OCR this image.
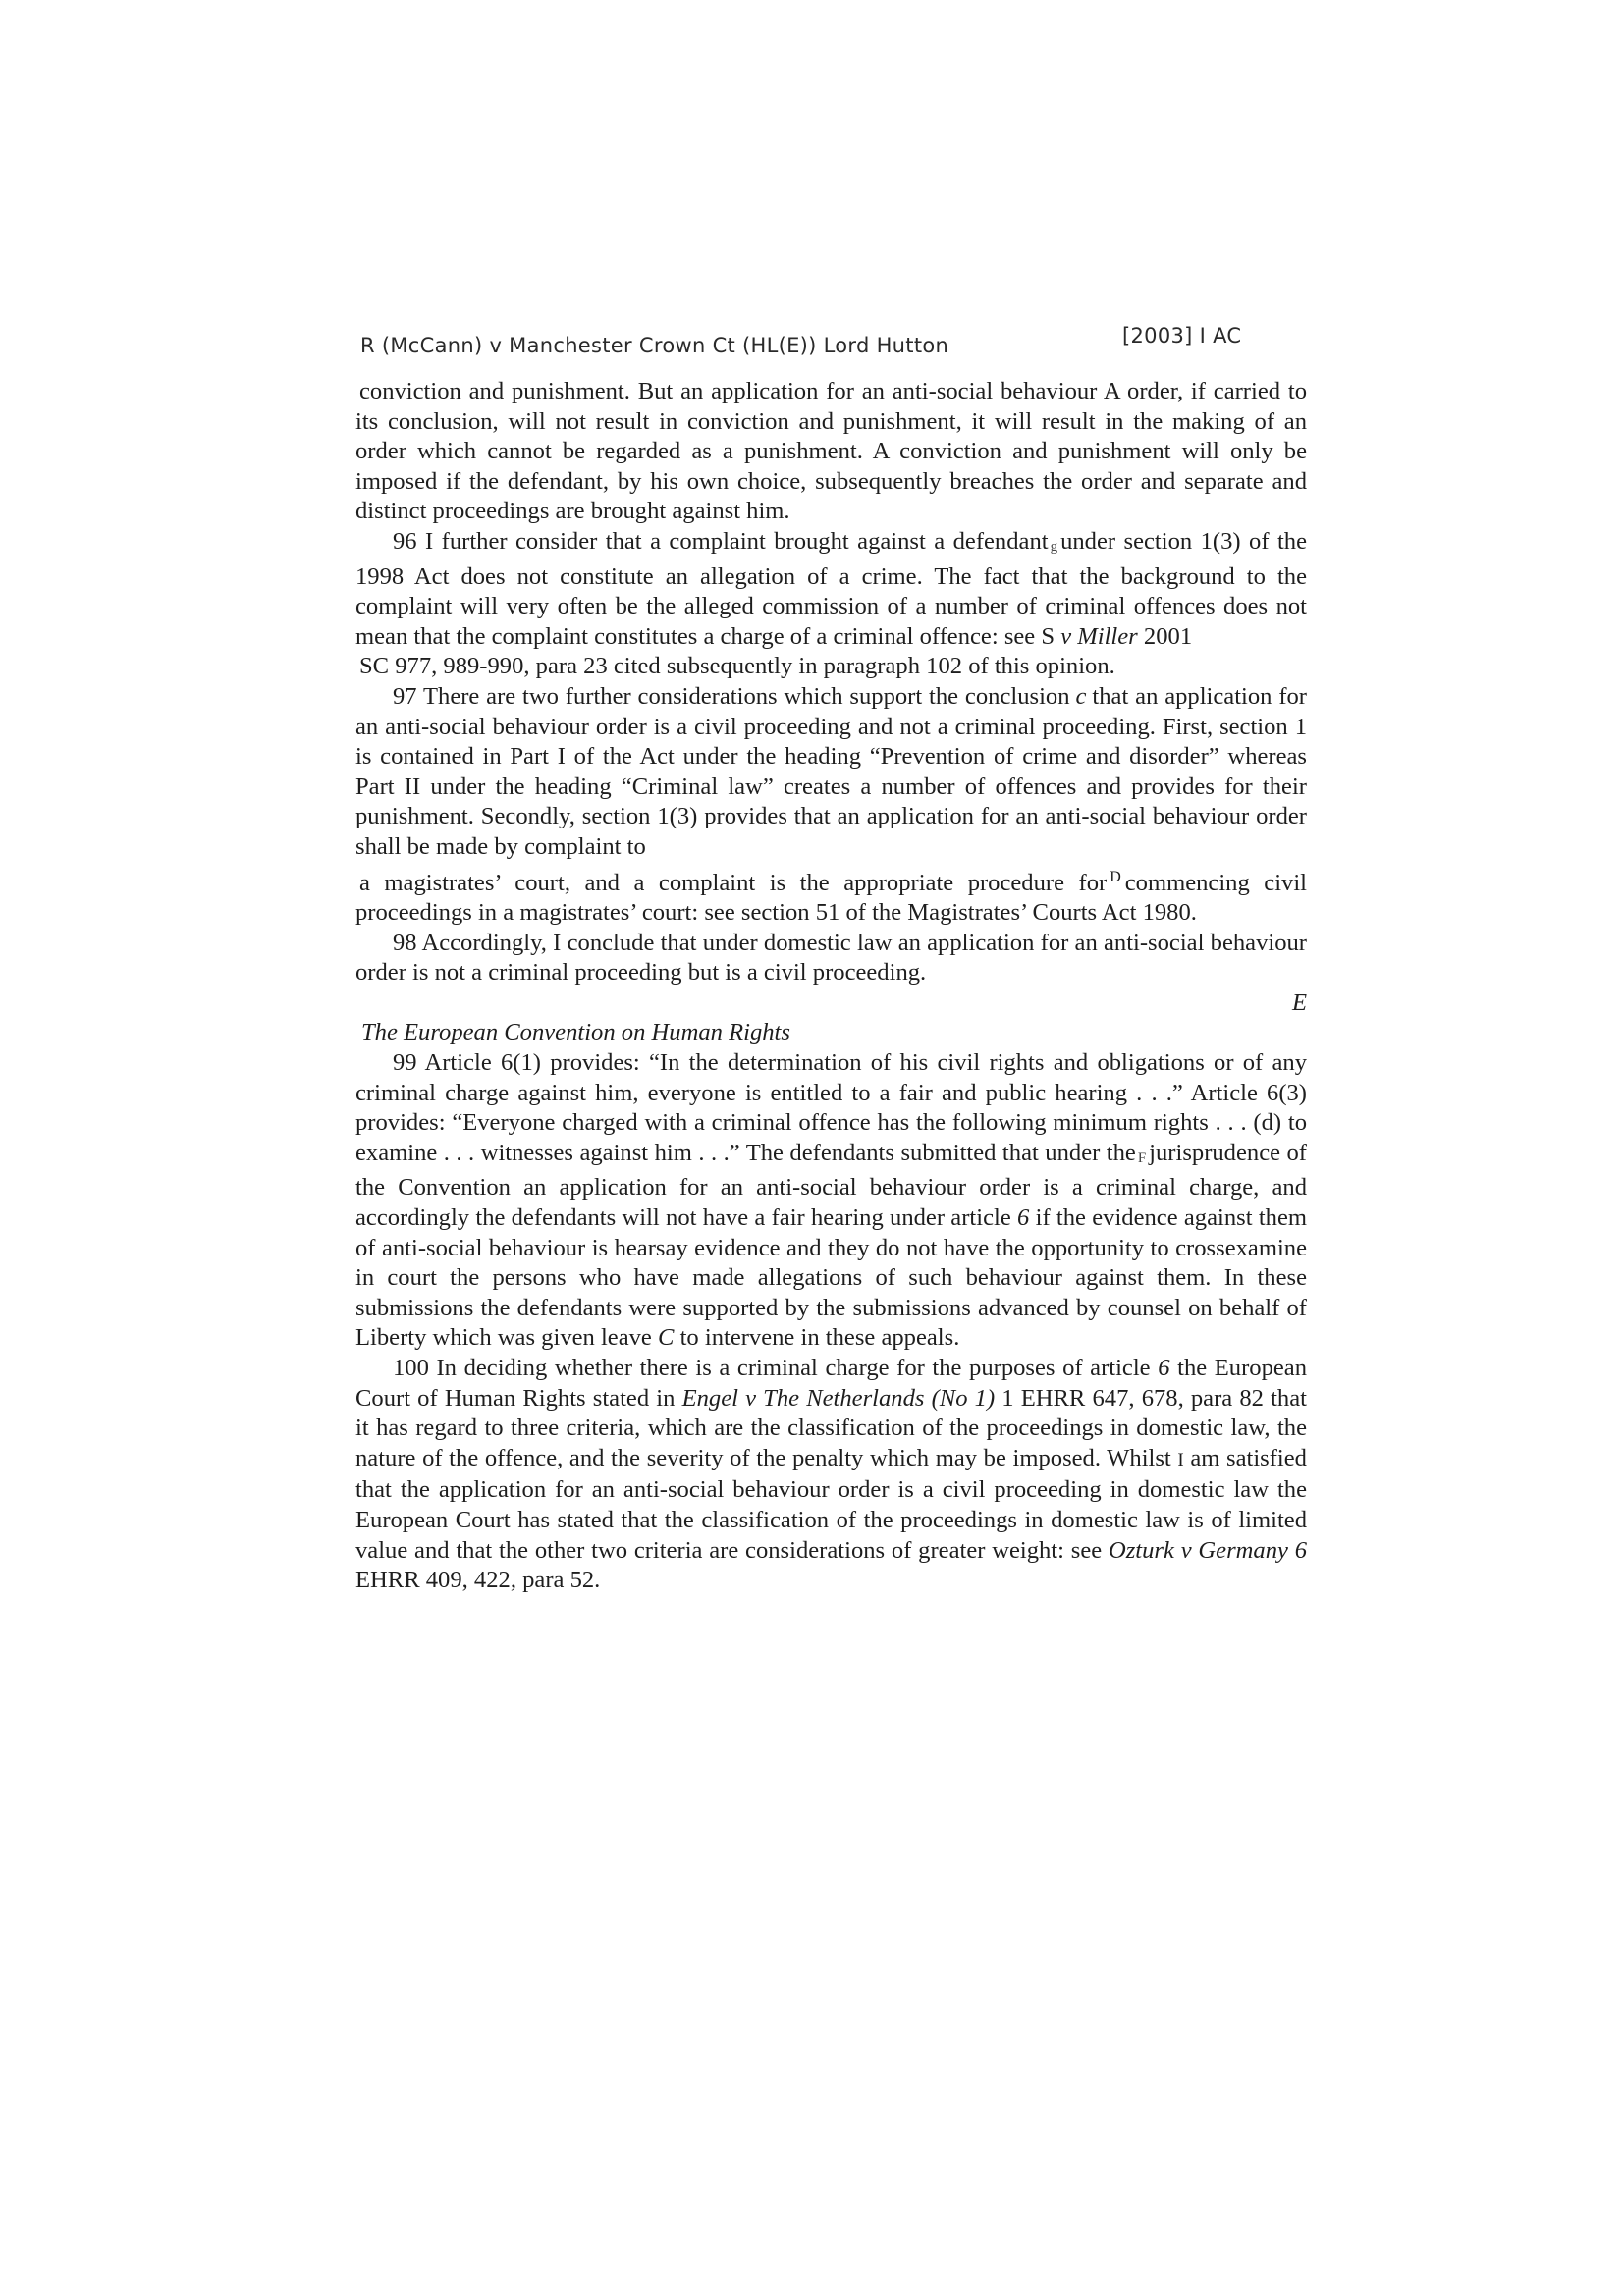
R (McCann) v Manchester Crown Ct (HL(E)) Lord Hutton	[2003] I AC

conviction and punishment. But an application for an anti-social behaviour A order, if carried to its conclusion, will not result in conviction and punishment, it will result in the making of an order which cannot be regarded as a punishment. A conviction and punishment will only be imposed if the defendant, by his own choice, subsequently breaches the order and separate and distinct proceedings are brought against him.

96 I further consider that a complaint brought against a defendant g under section 1(3) of the 1998 Act does not constitute an allegation of a crime. The fact that the background to the complaint will very often be the alleged commission of a number of criminal offences does not mean that the complaint constitutes a charge of a criminal offence: see S v Miller 2001

SC 977, 989-990, para 23 cited subsequently in paragraph 102 of this opinion.

97 There are two further considerations which support the conclusion c that an application for an anti-social behaviour order is a civil proceeding and not a criminal proceeding. First, section 1 is contained in Part I of the Act under the heading “Prevention of crime and disorder” whereas Part II under the heading “Criminal law” creates a number of offences and provides for their punishment. Secondly, section 1(3) provides that an application for an anti-social behaviour order shall be made by complaint to

a magistrates’ court, and a complaint is the appropriate procedure for $^D$ commencing civil proceedings in a magistrates’ court: see section 51 of the Magistrates’ Courts Act 1980.

98 Accordingly, I conclude that under domestic law an application for an anti-social behaviour order is not a criminal proceeding but is a civil proceeding.

E

The European Convention on Human Rights

99 Article 6(1) provides: “In the determination of his civil rights and obligations or of any criminal charge against him, everyone is entitled to a fair and public hearing . . .” Article 6(3) provides: “Everyone charged with a criminal offence has the following minimum rights . . . (d) to examine . . . witnesses against him . . .” The defendants submitted that under the F jurisprudence of the Convention an application for an anti-social behaviour order is a criminal charge, and accordingly the defendants will not have a fair hearing under article 6 if the evidence against them of anti-social behaviour is hearsay evidence and they do not have the opportunity to crossexamine in court the persons who have made allegations of such behaviour against them. In these submissions the defendants were supported by the submissions advanced by counsel on behalf of Liberty which was given leave C to intervene in these appeals.

100 In deciding whether there is a criminal charge for the purposes of article 6 the European Court of Human Rights stated in Engel v The Netherlands (No 1) 1 EHRR 647, 678, para 82 that it has regard to three criteria, which are the classification of the proceedings in domestic law, the nature of the offence, and the severity of the penalty which may be imposed. Whilst I am satisfied that the application for an anti-social behaviour order is a civil proceeding in domestic law the European Court has stated that the classification of the proceedings in domestic law is of limited value and that the other two criteria are considerations of greater weight: see Ozturk v Germany 6 EHRR 409, 422, para 52.
